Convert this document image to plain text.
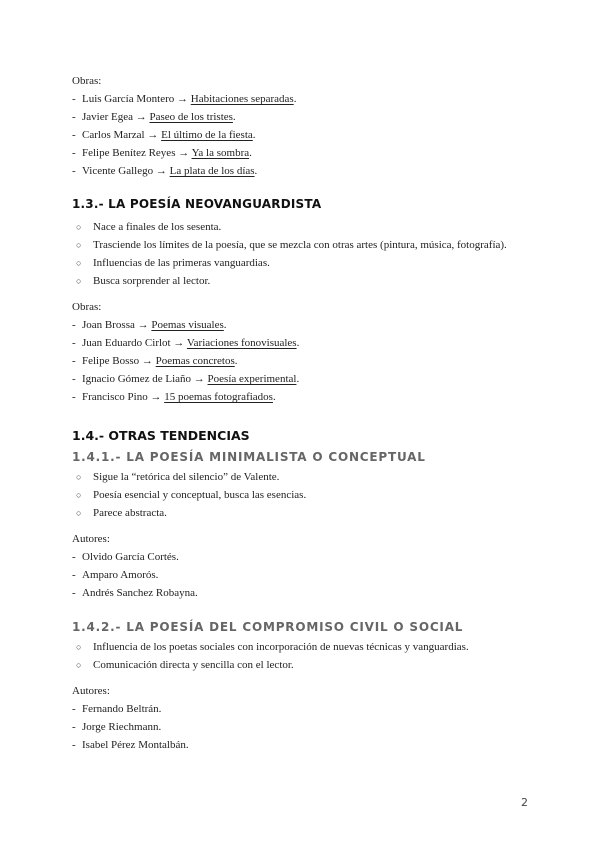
Obras:
- Luis García Montero → Habitaciones separadas.
- Javier Egea → Paseo de los tristes.
- Carlos Marzal → El último de la fiesta.
- Felipe Benítez Reyes → Ya la sombra.
- Vicente Gallego → La plata de los días.
1.3.- LA POESÍA NEOVANGUARDISTA
○ Nace a finales de los sesenta.
○ Trasciende los límites de la poesía, que se mezcla con otras artes (pintura, música, fotografía).
○ Influencias de las primeras vanguardias.
○ Busca sorprender al lector.
Obras:
- Joan Brossa → Poemas visuales.
- Juan Eduardo Cirlot → Variaciones fonovisuales.
- Felipe Bosso → Poemas concretos.
- Ignacio Gómez de Liaño → Poesía experimental.
- Francisco Pino → 15 poemas fotografiados.
1.4.- OTRAS TENDENCIAS
1.4.1.- LA POESÍA MINIMALISTA O CONCEPTUAL
○ Sigue la “retórica del silencio” de Valente.
○ Poesía esencial y conceptual, busca las esencias.
○ Parece abstracta.
Autores:
- Olvido García Cortés.
- Amparo Amorós.
- Andrés Sanchez Robayna.
1.4.2.- LA POESÍA DEL COMPROMISO CIVIL O SOCIAL
○ Influencia de los poetas sociales con incorporación de nuevas técnicas y vanguardias.
○ Comunicación directa y sencilla con el lector.
Autores:
- Fernando Beltrán.
- Jorge Riechmann.
- Isabel Pérez Montalbán.
2
